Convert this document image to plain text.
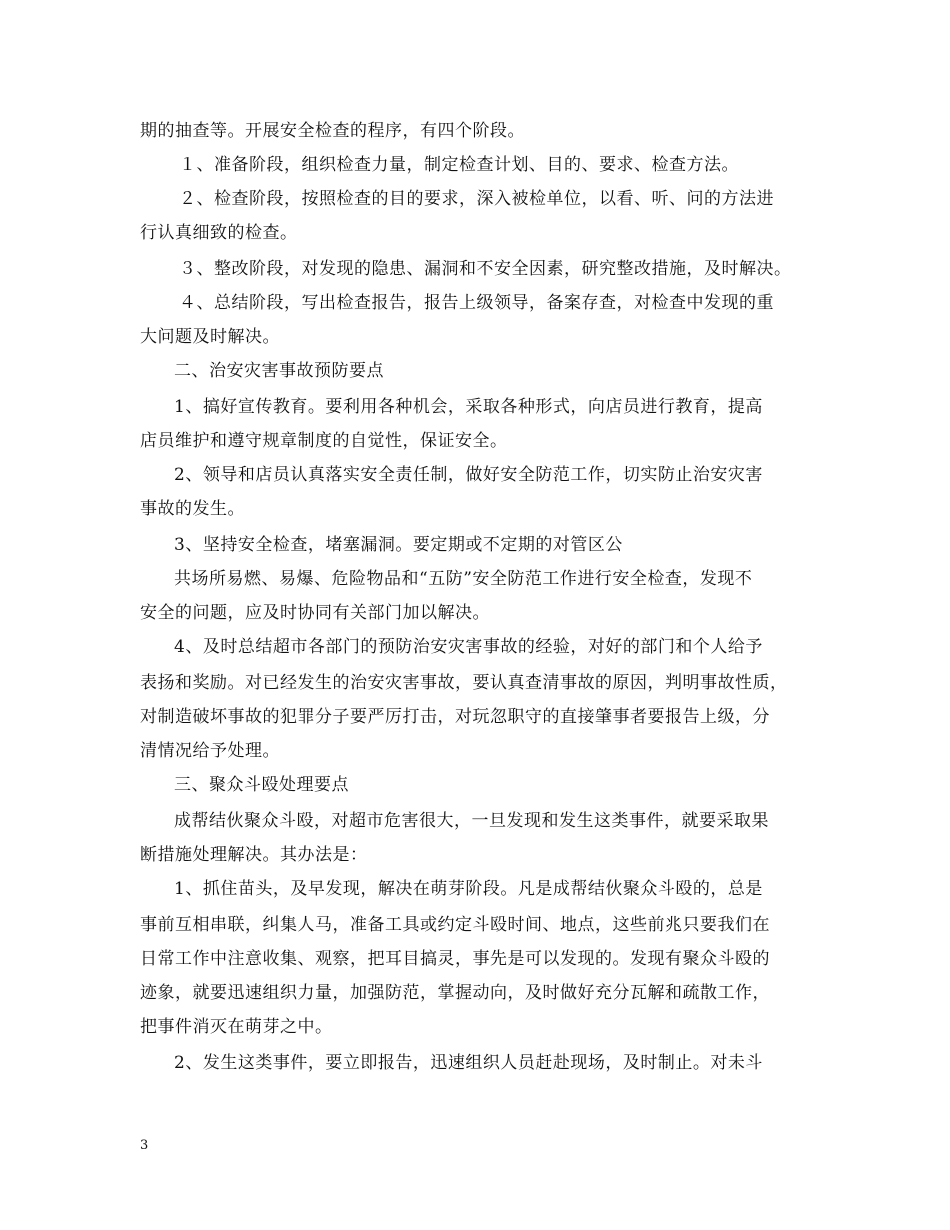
期的抽查等。开展安全检查的程序，有四个阶段。
１、准备阶段，组织检查力量，制定检查计划、目的、要求、检查方法。
２、检查阶段，按照检查的目的要求，深入被检单位，以看、听、问的方法进
行认真细致的检查。
３、整改阶段，对发现的隐患、漏洞和不安全因素，研究整改措施，及时解决。
４、总结阶段，写出检查报告，报告上级领导，备案存查，对检查中发现的重
大问题及时解决。
二、治安灾害事故预防要点
1、搞好宣传教育。要利用各种机会，采取各种形式，向店员进行教育，提高
店员维护和遵守规章制度的自觉性，保证安全。
2、领导和店员认真落实安全责任制，做好安全防范工作，切实防止治安灾害
事故的发生。
3、坚持安全检查，堵塞漏洞。要定期或不定期的对管区公
共场所易燃、易爆、危险物品和“五防”安全防范工作进行安全检查，发现不
安全的问题，应及时协同有关部门加以解决。
4、及时总结超市各部门的预防治安灾害事故的经验，对好的部门和个人给予
表扬和奖励。对已经发生的治安灾害事故，要认真查清事故的原因，判明事故性质，
对制造破坏事故的犯罪分子要严厉打击，对玩忽职守的直接肇事者要报告上级，分
清情况给予处理。
三、聚众斗殴处理要点
成帮结伙聚众斗殴，对超市危害很大，一旦发现和发生这类事件，就要采取果
断措施处理解决。其办法是：
1、抓住苗头，及早发现，解决在萌芽阶段。凡是成帮结伙聚众斗殴的，总是
事前互相串联，纠集人马，准备工具或约定斗殴时间、地点，这些前兆只要我们在
日常工作中注意收集、观察，把耳目搞灵，事先是可以发现的。发现有聚众斗殴的
迹象，就要迅速组织力量，加强防范，掌握动向，及时做好充分瓦解和疏散工作，
把事件消灭在萌芽之中。
2、发生这类事件，要立即报告，迅速组织人员赶赴现场，及时制止。对未斗
3
